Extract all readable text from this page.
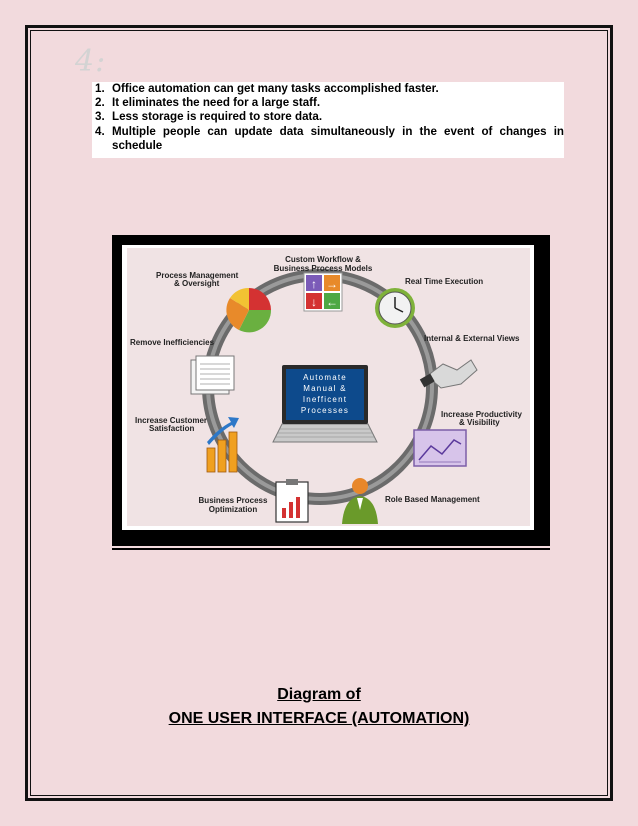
4:
1. Office automation can get many tasks accomplished faster.
2. It eliminates the need for a large staff.
3. Less storage is required to store data.
4. Multiple people can update data simultaneously in the event of changes in
schedule
Automate
Manual &
Inefficent
Processes
↑ →
↓ ←
Custom Workflow &
Business Process Models
Real Time Execution
Internal & External Views
Increase Productivity
& Visibility
Role Based Management
Business Process
Optimization
Increase Customer
Satisfaction
Remove Inefficiencies
Process Management
& Oversight
Diagram of
ONE USER INTERFACE (AUTOMATION)
